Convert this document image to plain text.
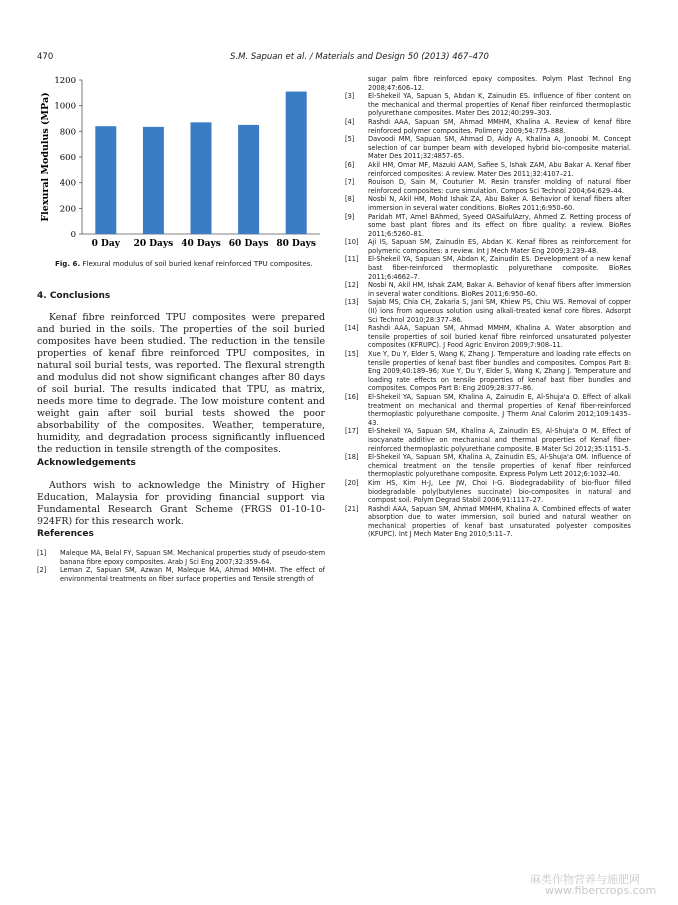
470	S.M. Sapuan et al. / Materials and Design 50 (2013) 467–470
Flexural Modulus (MPa)
0
200
400
600
800
1000
1200
0 Day 20 Days 40 Days 60 Days 80 Days
Fig. 6. Flexural modulus of soil buried kenaf reinforced TPU composites.
4. Conclusions

Kenaf fibre reinforced TPU composites were prepared and buried in the soils. The properties of the soil buried composites have been studied. The reduction in the tensile properties of kenaf fibre reinforced TPU composites, in natural soil burial tests, was reported. The flexural strength and modulus did not show significant changes after 80 days of soil burial. The results indicated that TPU, as matrix, needs more time to degrade. The low moisture content and weight gain after soil burial tests showed the poor absorbability of the composites. Weather, temperature, humidity, and degradation process significantly influenced the reduction in tensile strength of the composites.

Acknowledgements

Authors wish to acknowledge the Ministry of Higher Education, Malaysia for providing financial support via Fundamental Research Grant Scheme (FRGS 01-10-10-924FR) for this research work.

References
[1]	Maleque MA, Belal FY, Sapuan SM. Mechanical properties study of pseudo-stem banana fibre epoxy composites. Arab J Sci Eng 2007;32:359–64.
[2]	Leman Z, Sapuan SM, Azwan M, Maleque MA, Ahmad MMHM. The effect of environmental treatments on fiber surface properties and Tensile strength of
sugar palm fibre reinforced epoxy composites. Polym Plast Technol Eng 2008;47:606–12.
[3]	El-Shekeil YA, Sapuan S, Abdan K, Zainudin ES. Influence of fiber content on the mechanical and thermal properties of Kenaf fiber reinforced thermoplastic polyurethane composites. Mater Des 2012;40:299–303.
[4]	Rashdi AAA, Sapuan SM, Ahmad MMHM, Khalina A. Review of kenaf fibre reinforced polymer composites. Polimery 2009;54:775–888.
[5]	Davoodi MM, Sapuan SM, Ahmad D, Aidy A, Khalina A, Jonoobi M. Concept selection of car bumper beam with developed hybrid bio-composite material. Mater Des 2011;32:4857–65.
[6]	Akil HM, Omar MF, Mazuki AAM, Safiee S, Ishak ZAM, Abu Bakar A. Kenaf fiber reinforced composites: A review. Mater Des 2011;32:4107–21.
[7]	Rouison D, Sain M, Couturier M. Resin transfer molding of natural fiber reinforced composites: cure simulation. Compos Sci Technol 2004;64:629–44.
[8]	Nosbi N, Akil HM, Mohd Ishak ZA, Abu Baker A. Behavior of kenaf fibers after immersion in several water conditions. BioRes 2011;6:950–60.
[9]	Paridah MT, Amel BAhmed, Syeed OASaifulAzry, Ahmed Z. Retting process of some bast plant fibres and its effect on fibre quality: a review. BioRes 2011;6:5260–81.
[10]	Aji IS, Sapuan SM, Zainudin ES, Abdan K. Kenaf fibres as reinforcement for polymeric composites: a review. Int J Mech Mater Eng 2009;3:239–48.
[11]	El-Shekeil YA, Sapuan SM, Abdan K, Zainudin ES. Development of a new kenaf bast fiber-reinforced thermoplastic polyurethane composite. BioRes 2011;6:4662–7.
[12]	Nosbi N, Akil HM, Ishak ZAM, Bakar A. Behavior of kenaf fibers after immersion in several water conditions. BioRes 2011;6:950–60.
[13]	Sajab MS, Chia CH, Zakaria S, Jani SM, Khiew PS, Chiu WS. Removal of copper (II) ions from aqueous solution using alkali-treated kenaf core fibres. Adsorpt Sci Technol 2010;28:377–86.
[14]	Rashdi AAA, Sapuan SM, Ahmad MMHM, Khalina A. Water absorption and tensile properties of soil buried kenaf fibre reinforced unsaturated polyester composites (KFRUPC). J Food Agric Environ 2009;7:908–11.
[15]	Xue Y, Du Y, Elder S, Wang K, Zhang J. Temperature and loading rate effects on tensile properties of kenaf bast fiber bundles and composites. Compos Part B: Eng 2009;40:189–96; Xue Y, Du Y, Elder S, Wang K, Zhang J. Temperature and loading rate effects on tensile properties of kenaf bast fiber bundles and composites. Compos Part B: Eng 2009;28:377–86.
[16]	El-Shekeil YA, Sapuan SM, Khalina A, Zainudin E, Al-Shuja'a O. Effect of alkali treatment on mechanical and thermal properties of Kenaf fiber-reinforced thermoplastic polyurethane composite. J Therm Anal Calorim 2012;109:1435–43.
[17]	El-Shekeil YA, Sapuan SM, Khalina A, Zainudin ES, Al-Shuja'a O M. Effect of isocyanate additive on mechanical and thermal properties of Kenaf fiber-reinforced thermoplastic polyurethane composite. B Mater Sci 2012;35:1151–5.
[18]	El-Shekeil YA, Sapuan SM, Khalina A, Zainudin ES, Al-Shuja'a OM. Influence of chemical treatment on the tensile properties of kenaf fiber reinforced thermoplastic polyurethane composite. Express Polym Lett 2012;6:1032–40.
[20]	Kim HS, Kim H-J, Lee JW, Choi I-G. Biodegradability of bio-fluor filled biodegradable poly(butylenes succinate) bio-composites in natural and compost soil. Polym Degrad Stabil 2006;91:1117–27.
[21]	Rashdi AAA, Sapuan SM, Ahmad MMHM, Khalina A. Combined effects of water absorption due to water immersion, soil buried and natural weather on mechanical properties of kenaf bast unsaturated polyester composites (KFUPC). Int J Mech Mater Eng 2010;5:11–7.
麻类作物营养与施肥网
www.fibercrops.com
